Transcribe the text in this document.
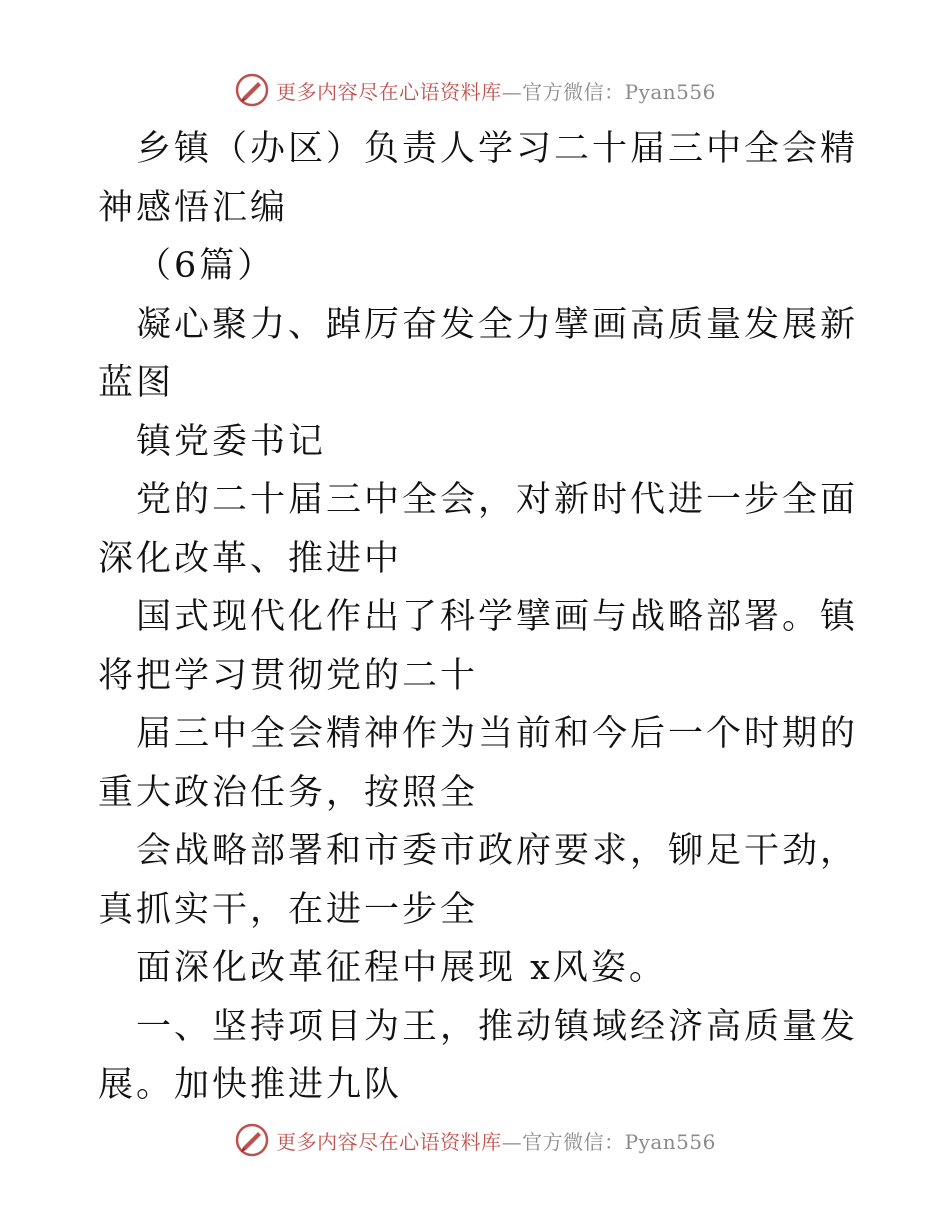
更多内容尽在心语资料库—官方微信：Pyan556

乡镇（办区）负责人学习二十届三中全会精神感悟汇编

（6篇）

凝心聚力、踔厉奋发全力擘画高质量发展新蓝图

镇党委书记

党的二十届三中全会，对新时代进一步全面深化改革、推进中

国式现代化作出了科学擘画与战略部署。镇将把学习贯彻党的二十

届三中全会精神作为当前和今后一个时期的重大政治任务，按照全

会战略部署和市委市政府要求，铆足干劲，真抓实干，在进一步全

面深化改革征程中展现 x风姿。

一、坚持项目为王，推动镇域经济高质量发展。加快推进九队

更多内容尽在心语资料库—官方微信：Pyan556
